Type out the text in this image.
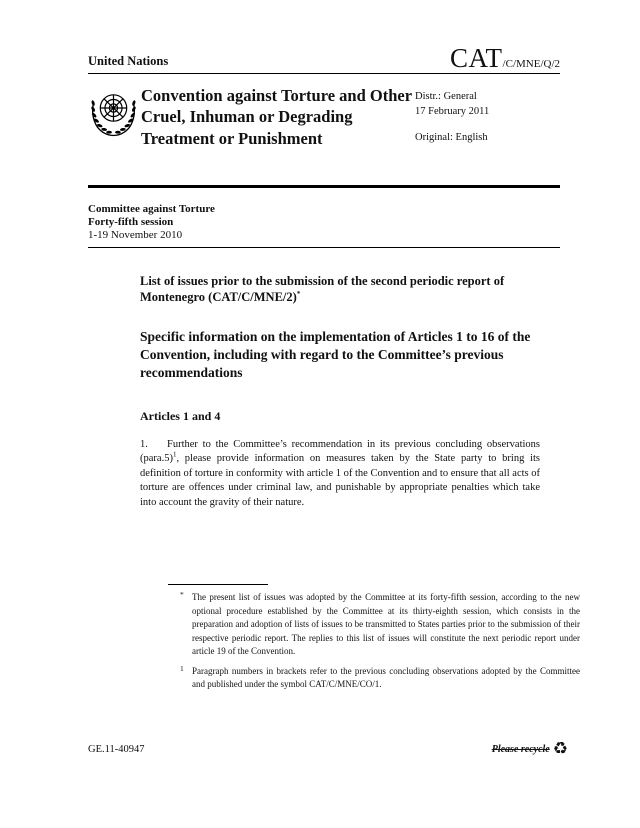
United Nations	CAT/C/MNE/Q/2
Convention against Torture and Other Cruel, Inhuman or Degrading Treatment or Punishment
Distr.: General
17 February 2011
Original: English
Committee against Torture
Forty-fifth session
1-19 November 2010
List of issues prior to the submission of the second periodic report of Montenegro (CAT/C/MNE/2)*
Specific information on the implementation of Articles 1 to 16 of the Convention, including with regard to the Committee’s previous recommendations
Articles 1 and 4

1. Further to the Committee’s recommendation in its previous concluding observations (para.5)$^1$, please provide information on measures taken by the State party to bring its definition of torture in conformity with article 1 of the Convention and to ensure that all acts of torture are offences under criminal law, and punishable by appropriate penalties which take into account the gravity of their nature.

* The present list of issues was adopted by the Committee at its forty-fifth session, according to the new optional procedure established by the Committee at its thirty-eighth session, which consists in the preparation and adoption of lists of issues to be transmitted to States parties prior to the submission of their respective periodic report. The replies to this list of issues will constitute the next periodic report under article 19 of the Convention.
1 Paragraph numbers in brackets refer to the previous concluding observations adopted by the Committee and published under the symbol CAT/C/MNE/CO/1.
GE.11-40947	Please recycle ♻
